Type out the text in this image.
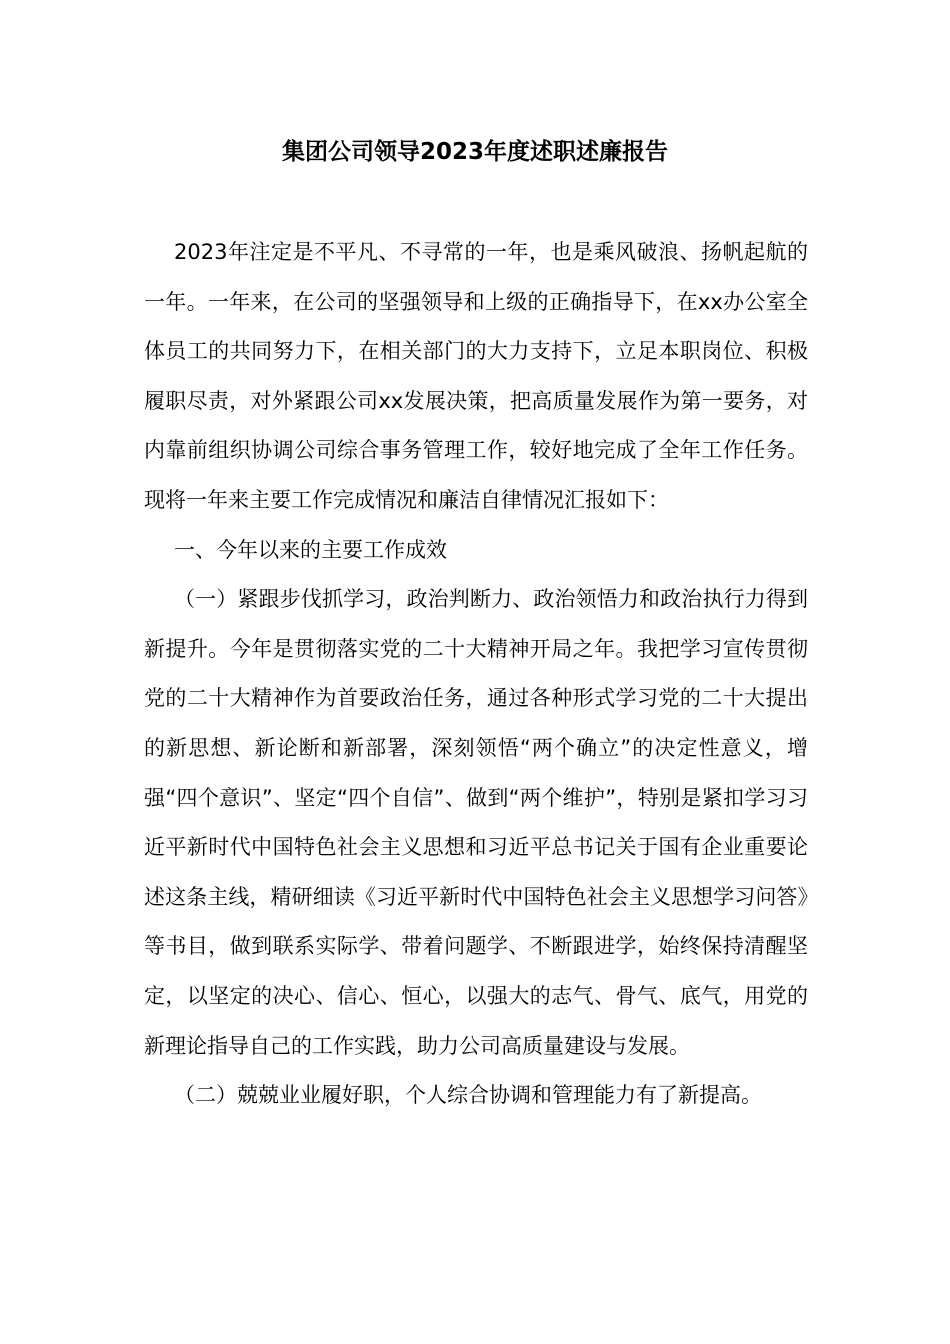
集团公司领导2023年度述职述廉报告

2023年注定是不平凡、不寻常的一年，也是乘风破浪、扬帆起航的一年。一年来，在公司的坚强领导和上级的正确指导下，在xx办公室全体员工的共同努力下，在相关部门的大力支持下，立足本职岗位、积极履职尽责，对外紧跟公司xx发展决策，把高质量发展作为第一要务，对内靠前组织协调公司综合事务管理工作，较好地完成了全年工作任务。现将一年来主要工作完成情况和廉洁自律情况汇报如下：

一、今年以来的主要工作成效

（一）紧跟步伐抓学习，政治判断力、政治领悟力和政治执行力得到新提升。今年是贯彻落实党的二十大精神开局之年。我把学习宣传贯彻党的二十大精神作为首要政治任务，通过各种形式学习党的二十大提出的新思想、新论断和新部署，深刻领悟“两个确立”的决定性意义，增强“四个意识”、坚定“四个自信”、做到“两个维护”，特别是紧扣学习习近平新时代中国特色社会主义思想和习近平总书记关于国有企业重要论述这条主线，精研细读《习近平新时代中国特色社会主义思想学习问答》等书目，做到联系实际学、带着问题学、不断跟进学，始终保持清醒坚定，以坚定的决心、信心、恒心，以强大的志气、骨气、底气，用党的新理论指导自己的工作实践，助力公司高质量建设与发展。

（二）兢兢业业履好职，个人综合协调和管理能力有了新提高。
